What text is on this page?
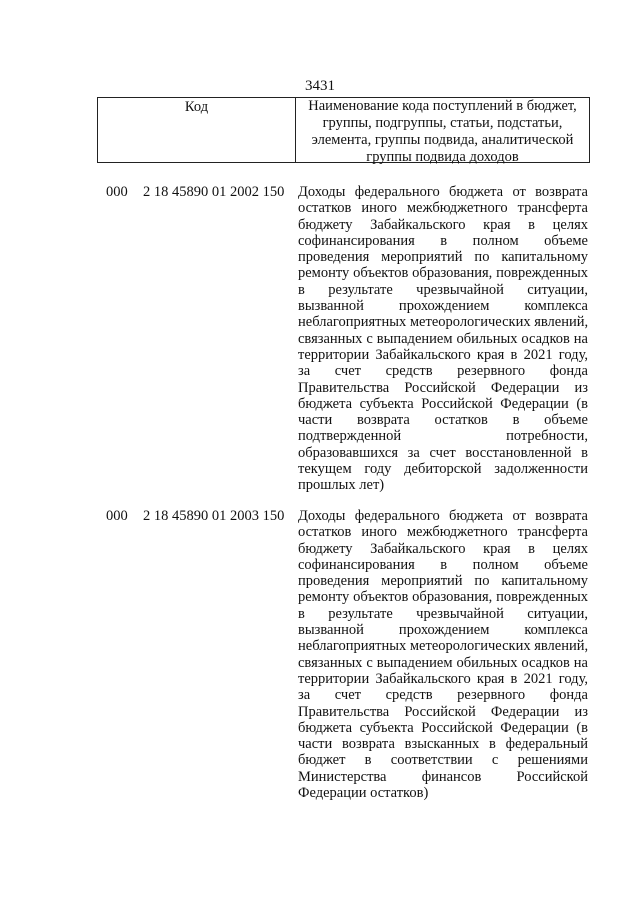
3431
Код	Наименование кода поступлений в бюджет,
группы, подгруппы, статьи, подстатьи,
элемента, группы подвида, аналитической
группы подвида доходов
000 2 18 45890 01 2002 150 Доходы федерального бюджета от возврата
остатков иного межбюджетного трансферта
бюджету Забайкальского края в целях
софинансирования в полном объеме
проведения мероприятий по капитальному
ремонту объектов образования, поврежденных
в результате чрезвычайной ситуации,
вызванной прохождением комплекса
неблагоприятных метеорологических явлений,
связанных с выпадением обильных осадков на
территории Забайкальского края в 2021 году,
за счет средств резервного фонда
Правительства Российской Федерации из
бюджета субъекта Российской Федерации (в
части возврата остатков в объеме
подтвержденной потребности,
образовавшихся за счет восстановленной в
текущем году дебиторской задолженности
прошлых лет)
000 2 18 45890 01 2003 150 Доходы федерального бюджета от возврата
остатков иного межбюджетного трансферта
бюджету Забайкальского края в целях
софинансирования в полном объеме
проведения мероприятий по капитальному
ремонту объектов образования, поврежденных
в результате чрезвычайной ситуации,
вызванной прохождением комплекса
неблагоприятных метеорологических явлений,
связанных с выпадением обильных осадков на
территории Забайкальского края в 2021 году,
за счет средств резервного фонда
Правительства Российской Федерации из
бюджета субъекта Российской Федерации (в
части возврата взысканных в федеральный
бюджет в соответствии с решениями
Министерства финансов Российской
Федерации остатков)
